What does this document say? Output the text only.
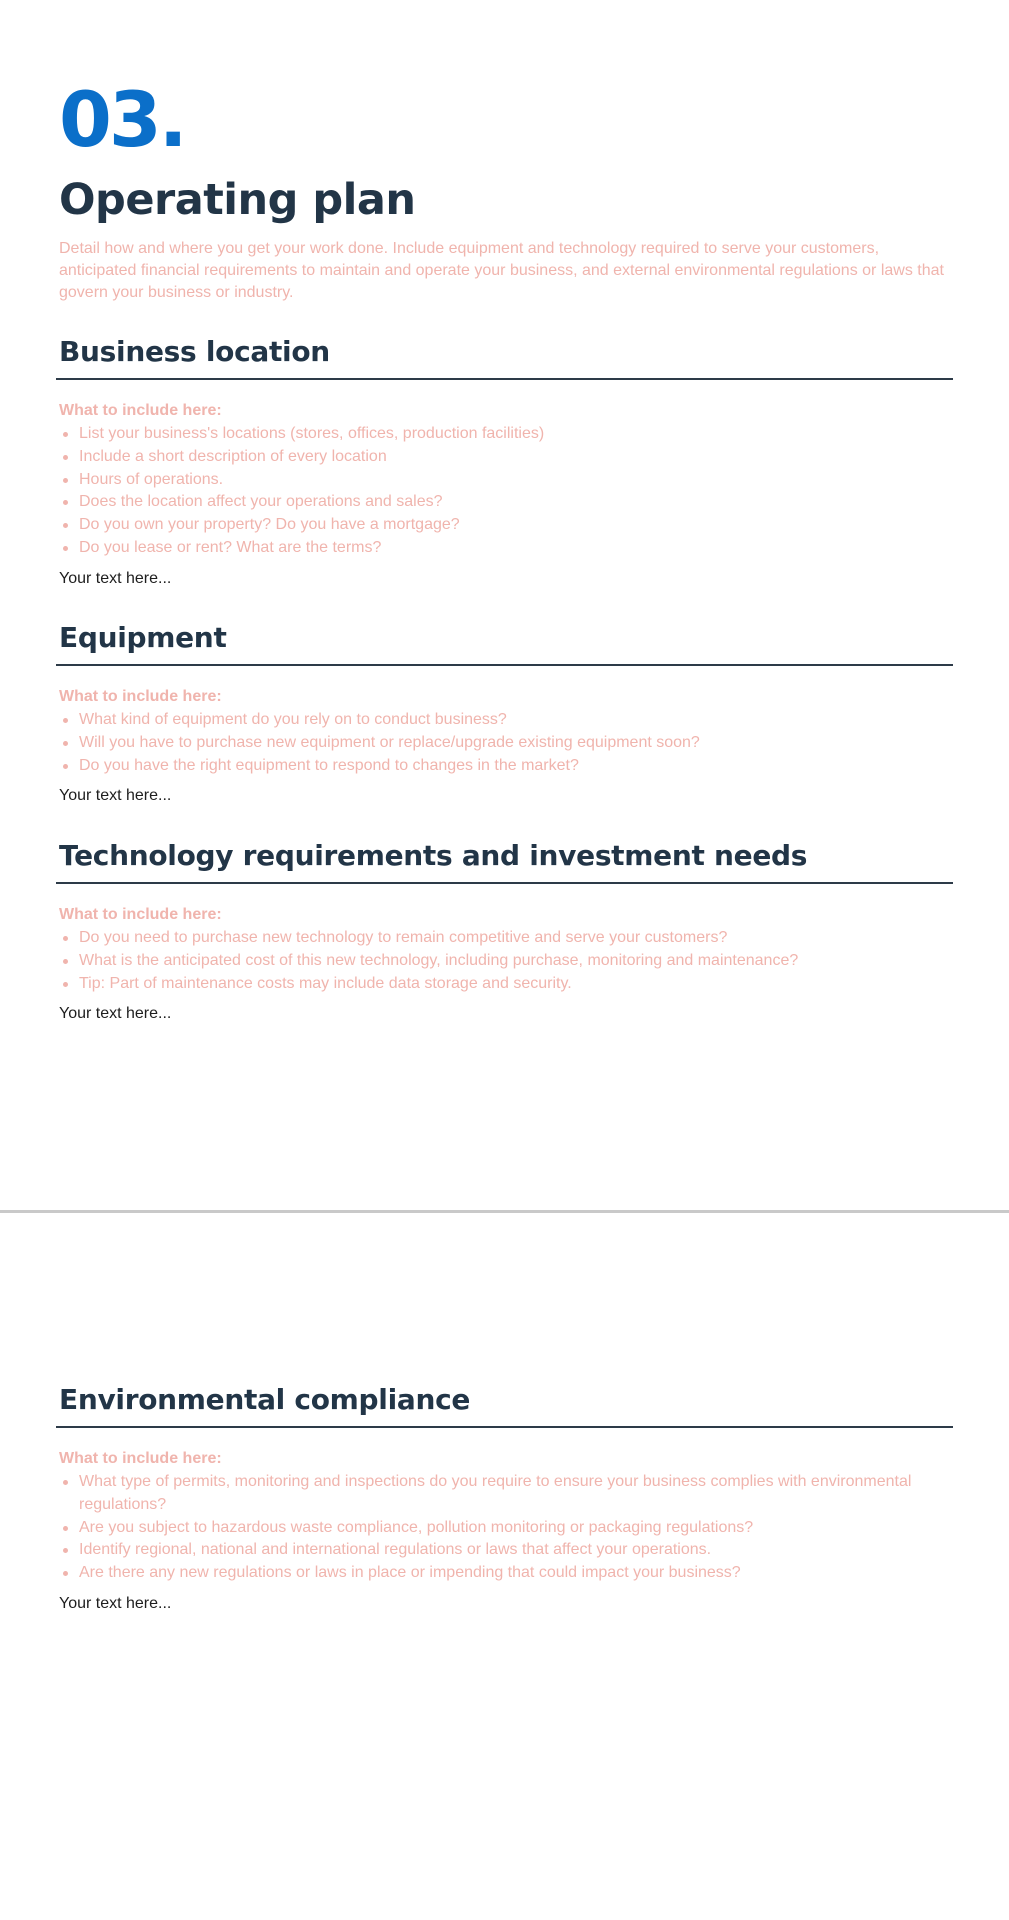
03.
Operating plan

Detail how and where you get your work done. Include equipment and technology required to serve your customers, anticipated financial requirements to maintain and operate your business, and external environmental regulations or laws that govern your business or industry.

Business location
What to include here:
List your business's locations (stores, offices, production facilities)
Include a short description of every location
Hours of operations.
Does the location affect your operations and sales?
Do you own your property? Do you have a mortgage?
Do you lease or rent? What are the terms?
Your text here...
Equipment
What to include here:
What kind of equipment do you rely on to conduct business?
Will you have to purchase new equipment or replace/upgrade existing equipment soon?
Do you have the right equipment to respond to changes in the market?
Your text here...
Technology requirements and investment needs
What to include here:
Do you need to purchase new technology to remain competitive and serve your customers?
What is the anticipated cost of this new technology, including purchase, monitoring and maintenance?
Tip: Part of maintenance costs may include data storage and security.
Your text here...
Environmental compliance
What to include here:
What type of permits, monitoring and inspections do you require to ensure your business complies with environmental regulations?
Are you subject to hazardous waste compliance, pollution monitoring or packaging regulations?
Identify regional, national and international regulations or laws that affect your operations.
Are there any new regulations or laws in place or impending that could impact your business?
Your text here...
